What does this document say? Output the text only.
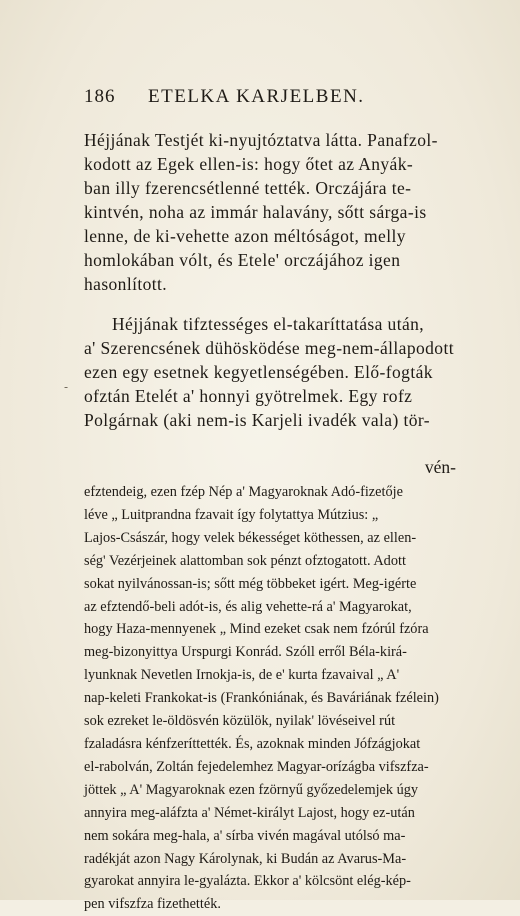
186 ETELKA KARJELBEN.
Héjjának Testjét ki-nyujtóztatva látta. Panafzol-
kodott az Egek ellen-is: hogy őtet az Anyák-
ban illy fzerencsétlenné tették. Orczájára te-
kintvén, noha az immár halavány, sőtt sárga-is
lenne, de ki-vehette azon méltóságot, melly
homlokában vólt, és Etele' orczájához igen
hasonlított.
Héjjának tifztességes el-takaríttatása után,
a' Szerencsének dühösködése meg-nem-állapodott
ezen egy esetnek kegyetlenségében. Elő-fogták
ofztán Etelét a' honnyi gyötrelmek. Egy rofz
Polgárnak (aki nem-is Karjeli ivadék vala) tör-
-
vén-
efztendeig, ezen fzép Nép a' Magyaroknak Adó-fizetője
léve „ Luitprandna fzavait így folytattya Mútzius: „
Lajos-Császár, hogy velek békességet köthessen, az ellen-
ség' Vezérjeinek alattomban sok pénzt ofztogatott. Adott
sokat nyilvánossan-is; sőtt még többeket igért. Meg-igérte
az efztendő-beli adót-is, és alig vehette-rá a' Magyarokat,
hogy Haza-mennyenek „ Mind ezeket csak nem fzórúl fzóra
meg-bizonyittya Urspurgi Konrád. Szóll erről Béla-kirá-
lyunknak Nevetlen Irnokja-is, de e' kurta fzavaival „ A'
nap-keleti Frankokat-is (Frankóniának, és Baváriának fzélein)
sok ezreket le-öldösvén közülök, nyilak' lövéseivel rút
fzaladásra kénfzeríttették. És, azoknak minden Jófzágjokat
el-rabolván, Zoltán fejedelemhez Magyar-orízágba vifszfza-
jöttek „ A' Magyaroknak ezen fzörnyű győzedelemjek úgy
annyira meg-aláfzta a' Német-királyt Lajost, hogy ez-után
nem sokára meg-hala, a' sírba vivén magával utólsó ma-
radékját azon Nagy Károlynak, ki Budán az Avarus-Ma-
gyarokat annyira le-gyalázta. Ekkor a' kölcsönt elég-kép-
pen vifszfza fizethették.
